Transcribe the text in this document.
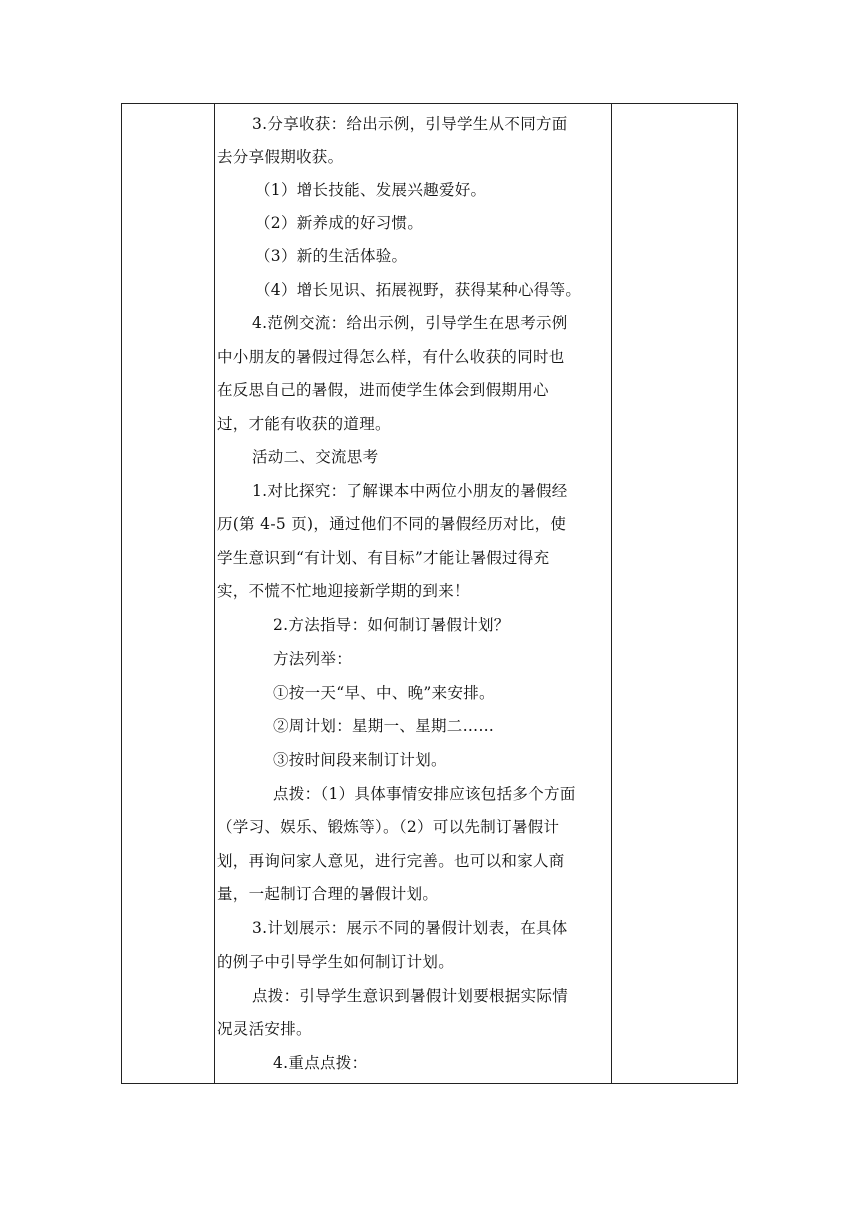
3.分享收获：给出示例，引导学生从不同方面
去分享假期收获。
（1）增长技能、发展兴趣爱好。
（2）新养成的好习惯。
（3）新的生活体验。
（4）增长见识、拓展视野，获得某种心得等。
4.范例交流：给出示例，引导学生在思考示例
中小朋友的暑假过得怎么样，有什么收获的同时也
在反思自己的暑假，进而使学生体会到假期用心
过，才能有收获的道理。
活动二、交流思考
1.对比探究：了解课本中两位小朋友的暑假经
历(第 4-5 页)，通过他们不同的暑假经历对比，使
学生意识到“有计划、有目标”才能让暑假过得充
实，不慌不忙地迎接新学期的到来！
2.方法指导：如何制订暑假计划？
方法列举：
①按一天“早、中、晚”来安排。
②周计划：星期一、星期二……
③按时间段来制订计划。
点拨：（1）具体事情安排应该包括多个方面
（学习、娱乐、锻炼等）。（2）可以先制订暑假计
划，再询问家人意见，进行完善。也可以和家人商
量，一起制订合理的暑假计划。
3.计划展示：展示不同的暑假计划表，在具体
的例子中引导学生如何制订计划。
点拨：引导学生意识到暑假计划要根据实际情
况灵活安排。
4.重点点拨：
